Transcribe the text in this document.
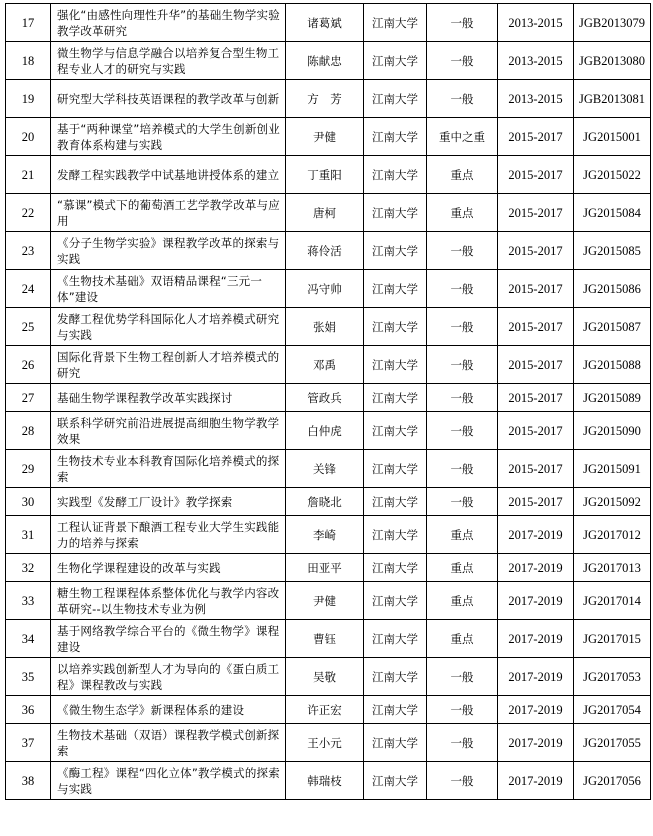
17	强化“由感性向理性升华”的基础生物学实验教学改革研究	诸葛斌	江南大学	一般	2013-2015	JGB2013079
18	微生物学与信息学融合以培养复合型生物工程专业人才的研究与实践	陈献忠	江南大学	一般	2013-2015	JGB2013080
19	研究型大学科技英语课程的教学改革与创新	方　芳	江南大学	一般	2013-2015	JGB2013081
20	基于“两种课堂”培养模式的大学生创新创业教育体系构建与实践	尹健	江南大学	重中之重	2015-2017	JG2015001
21	发酵工程实践教学中试基地讲授体系的建立	丁重阳	江南大学	重点	2015-2017	JG2015022
22	“慕课”模式下的葡萄酒工艺学教学改革与应用	唐柯	江南大学	重点	2015-2017	JG2015084
23	《分子生物学实验》课程教学改革的探索与实践	蒋伶活	江南大学	一般	2015-2017	JG2015085
24	《生物技术基础》双语精品课程“三元一体”建设	冯守帅	江南大学	一般	2015-2017	JG2015086
25	发酵工程优势学科国际化人才培养模式研究与实践	张娟	江南大学	一般	2015-2017	JG2015087
26	国际化背景下生物工程创新人才培养模式的研究	邓禹	江南大学	一般	2015-2017	JG2015088
27	基础生物学课程教学改革实践探讨	管政兵	江南大学	一般	2015-2017	JG2015089
28	联系科学研究前沿进展提高细胞生物学教学效果	白仲虎	江南大学	一般	2015-2017	JG2015090
29	生物技术专业本科教育国际化培养模式的探索	关锋	江南大学	一般	2015-2017	JG2015091
30	实践型《发酵工厂设计》教学探索	詹晓北	江南大学	一般	2015-2017	JG2015092
31	工程认证背景下酿酒工程专业大学生实践能力的培养与探索	李崎	江南大学	重点	2017-2019	JG2017012
32	生物化学课程建设的改革与实践	田亚平	江南大学	重点	2017-2019	JG2017013
33	糖生物工程课程体系整体优化与教学内容改革研究--以生物技术专业为例	尹健	江南大学	重点	2017-2019	JG2017014
34	基于网络教学综合平台的《微生物学》课程建设	曹钰	江南大学	重点	2017-2019	JG2017015
35	以培养实践创新型人才为导向的《蛋白质工程》课程教改与实践	吴敬	江南大学	一般	2017-2019	JG2017053
36	《微生物生态学》新课程体系的建设	许正宏	江南大学	一般	2017-2019	JG2017054
37	生物技术基础（双语）课程教学模式创新探索	王小元	江南大学	一般	2017-2019	JG2017055
38	《酶工程》课程“四化立体”教学模式的探索与实践	韩瑞枝	江南大学	一般	2017-2019	JG2017056
